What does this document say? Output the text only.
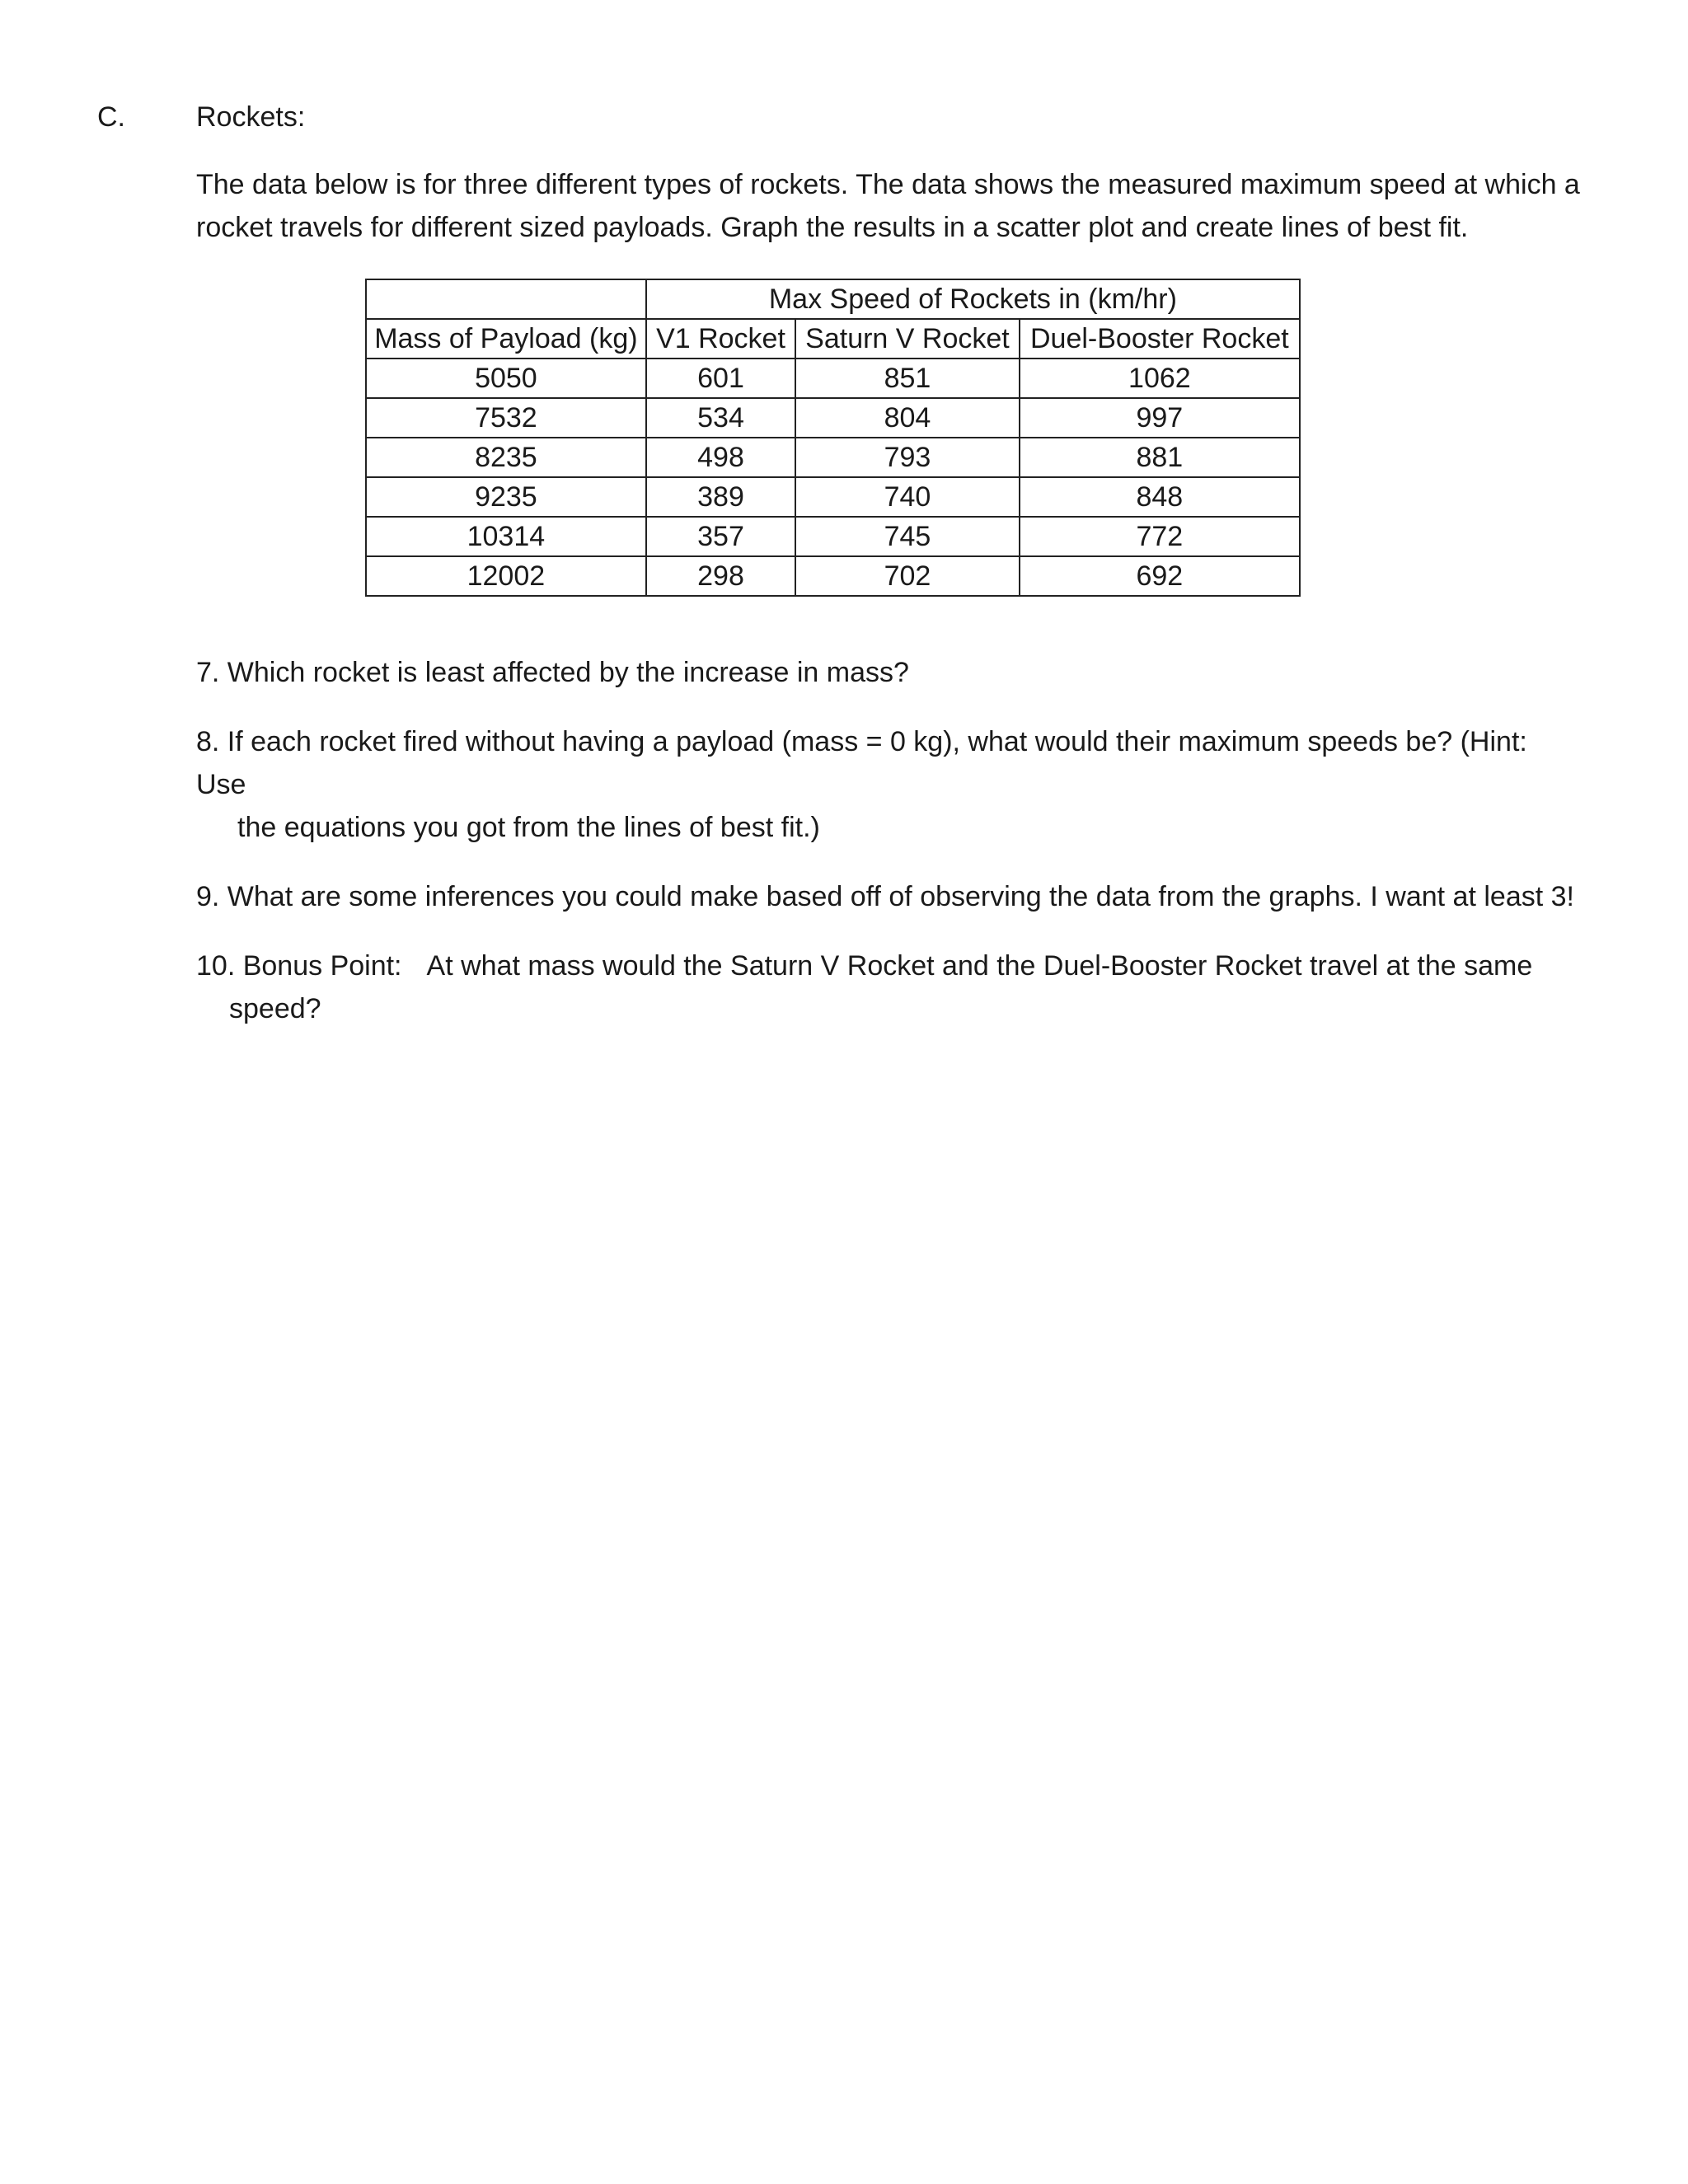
C.	Rockets:

The data below is for three different types of rockets. The data shows the measured maximum speed at which a

rocket travels for different sized payloads. Graph the results in a scatter plot and create lines of best fit.

	Max Speed of Rockets in (km/hr)		
Mass of Payload (kg)	V1 Rocket	Saturn V Rocket	Duel-Booster Rocket
5050	601	851	1062
7532	534	804	997
8235	498	793	881
9235	389	740	848
10314	357	745	772
12002	298	702	692

7. Which rocket is least affected by the increase in mass?

8. If each rocket fired without having a payload (mass = 0 kg), what would their maximum speeds be? (Hint: Use
the equations you got from the lines of best fit.)

9. What are some inferences you could make based off of observing the data from the graphs. I want at least 3!

10. Bonus Point: At what mass would the Saturn V Rocket and the Duel-Booster Rocket travel at the same
speed?
